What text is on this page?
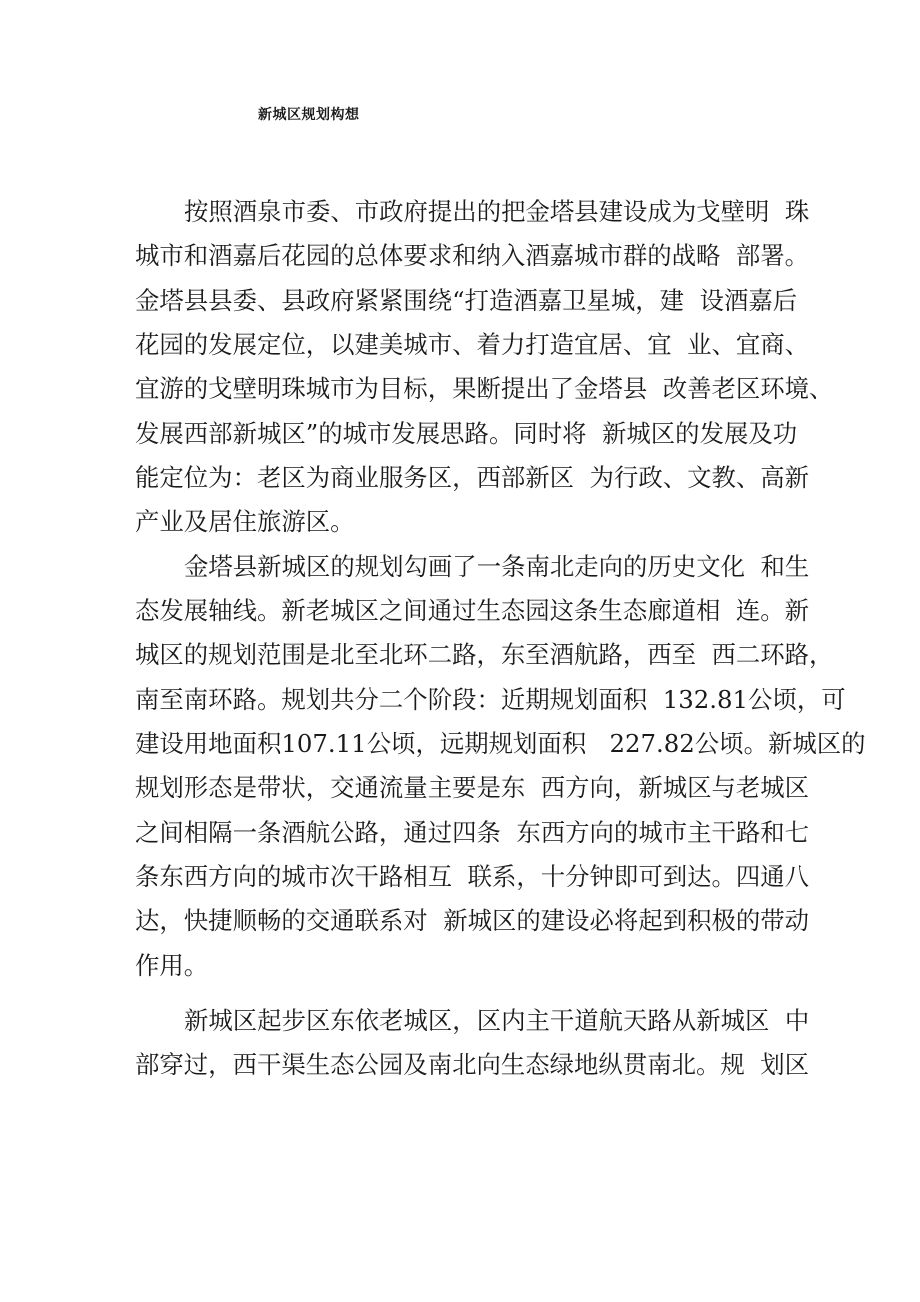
新城区规划构想

按照酒泉市委、市政府提出的把金塔县建设成为戈壁明  珠

城市和酒嘉后花园的总体要求和纳入酒嘉城市群的战略  部署。

金塔县县委、县政府紧紧围绕“打造酒嘉卫星城，建  设酒嘉后

花园的发展定位，以建美城市、着力打造宜居、宜  业、宜商、

宜游的戈壁明珠城市为目标，果断提出了金塔县  改善老区环境、

发展西部新城区”的城市发展思路。同时将  新城区的发展及功

能定位为：老区为商业服务区，西部新区  为行政、文教、高新

产业及居住旅游区。

金塔县新城区的规划勾画了一条南北走向的历史文化  和生

态发展轴线。新老城区之间通过生态园这条生态廊道相  连。新

城区的规划范围是北至北环二路，东至酒航路，西至  西二环路，

南至南环路。规划共分二个阶段：近期规划面积  132.81公顷，可

建设用地面积107.11公顷，远期规划面积   227.82公顷。新城区的

规划形态是带状，交通流量主要是东  西方向，新城区与老城区

之间相隔一条酒航公路，通过四条  东西方向的城市主干路和七

条东西方向的城市次干路相互  联系，十分钟即可到达。四通八

达，快捷顺畅的交通联系对  新城区的建设必将起到积极的带动

作用。

新城区起步区东依老城区，区内主干道航天路从新城区  中

部穿过，西干渠生态公园及南北向生态绿地纵贯南北。规  划区
